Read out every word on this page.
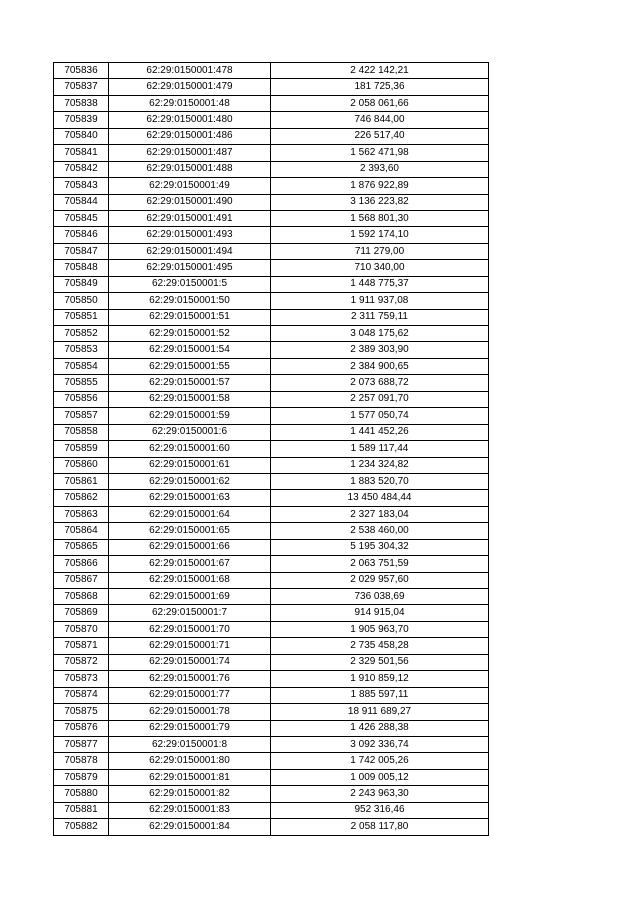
705836	62:29:0150001:478	2 422 142,21
705837	62:29:0150001:479	181 725,36
705838	62:29:0150001:48	2 058 061,66
705839	62:29:0150001:480	746 844,00
705840	62:29:0150001:486	226 517,40
705841	62:29:0150001:487	1 562 471,98
705842	62:29:0150001:488	2 393,60
705843	62:29:0150001:49	1 876 922,89
705844	62:29:0150001:490	3 136 223,82
705845	62:29:0150001:491	1 568 801,30
705846	62:29:0150001:493	1 592 174,10
705847	62:29:0150001:494	711 279,00
705848	62:29:0150001:495	710 340,00
705849	62:29:0150001:5	1 448 775,37
705850	62:29:0150001:50	1 911 937,08
705851	62:29:0150001:51	2 311 759,11
705852	62:29:0150001:52	3 048 175,62
705853	62:29:0150001:54	2 389 303,90
705854	62:29:0150001:55	2 384 900,65
705855	62:29:0150001:57	2 073 688,72
705856	62:29:0150001:58	2 257 091,70
705857	62:29:0150001:59	1 577 050,74
705858	62:29:0150001:6	1 441 452,26
705859	62:29:0150001:60	1 589 117,44
705860	62:29:0150001:61	1 234 324,82
705861	62:29:0150001:62	1 883 520,70
705862	62:29:0150001:63	13 450 484,44
705863	62:29:0150001:64	2 327 183,04
705864	62:29:0150001:65	2 538 460,00
705865	62:29:0150001:66	5 195 304,32
705866	62:29:0150001:67	2 063 751,59
705867	62:29:0150001:68	2 029 957,60
705868	62:29:0150001:69	736 038,69
705869	62:29:0150001:7	914 915,04
705870	62:29:0150001:70	1 905 963,70
705871	62:29:0150001:71	2 735 458,28
705872	62:29:0150001:74	2 329 501,56
705873	62:29:0150001:76	1 910 859,12
705874	62:29:0150001:77	1 885 597,11
705875	62:29:0150001:78	18 911 689,27
705876	62:29:0150001:79	1 426 288,38
705877	62:29:0150001:8	3 092 336,74
705878	62:29:0150001:80	1 742 005,26
705879	62:29:0150001:81	1 009 005,12
705880	62:29:0150001:82	2 243 963,30
705881	62:29:0150001:83	952 316,46
705882	62:29:0150001:84	2 058 117,80
